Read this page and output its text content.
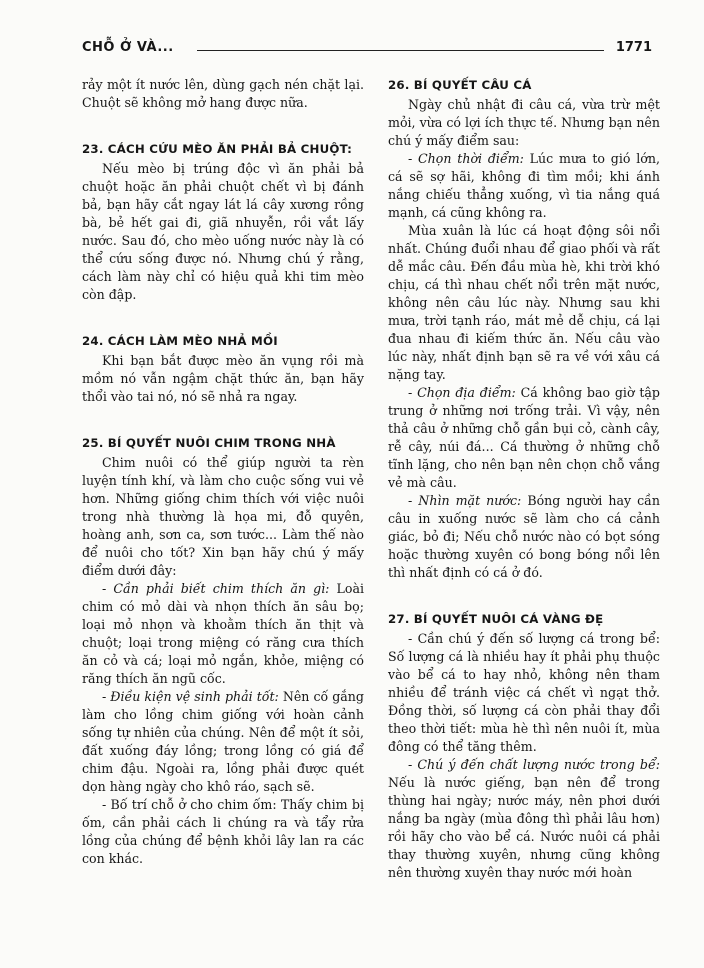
CHỖ Ở VÀ...	1771

rảy một ít nước lên, dùng gạch nén chặt lại. Chuột sẽ không mở hang được nữa.

23. CÁCH CỨU MÈO ĂN PHẢI BẢ CHUỘT:

Nếu mèo bị trúng độc vì ăn phải bả chuột hoặc ăn phải chuột chết vì bị đánh bả, bạn hãy cắt ngay lát lá cây xương rồng bà, bẻ hết gai đi, giã nhuyễn, rồi vắt lấy nước. Sau đó, cho mèo uống nước này là có thể cứu sống được nó. Nhưng chú ý rằng, cách làm này chỉ có hiệu quả khi tim mèo còn đập.

24. CÁCH LÀM MÈO NHẢ MỒI

Khi bạn bắt được mèo ăn vụng rồi mà mồm nó vẫn ngậm chặt thức ăn, bạn hãy thổi vào tai nó, nó sẽ nhả ra ngay.

25. BÍ QUYẾT NUÔI CHIM TRONG NHÀ

Chim nuôi có thể giúp người ta rèn luyện tính khí, và làm cho cuộc sống vui vẻ hơn. Những giống chim thích với việc nuôi trong nhà thường là họa mi, đỗ quyên, hoàng anh, sơn ca, sơn tước... Làm thế nào để nuôi cho tốt? Xin bạn hãy chú ý mấy điểm dưới đây:

- Cần phải biết chim thích ăn gì: Loài chim có mỏ dài và nhọn thích ăn sâu bọ; loại mỏ nhọn và khoằm thích ăn thịt và chuột; loại trong miệng có răng cưa thích ăn cỏ và cá; loại mỏ ngắn, khỏe, miệng có răng thích ăn ngũ cốc.

- Điều kiện vệ sinh phải tốt: Nên cố gắng làm cho lồng chim giống với hoàn cảnh sống tự nhiên của chúng. Nên để một ít sỏi, đất xuống đáy lồng; trong lồng có giá để chim đậu. Ngoài ra, lồng phải được quét dọn hàng ngày cho khô ráo, sạch sẽ.

- Bố trí chỗ ở cho chim ốm: Thấy chim bị ốm, cần phải cách li chúng ra và tẩy rửa lồng của chúng để bệnh khỏi lây lan ra các con khác.

26. BÍ QUYẾT CÂU CÁ

Ngày chủ nhật đi câu cá, vừa trừ mệt mỏi, vừa có lợi ích thực tế. Nhưng bạn nên chú ý mấy điểm sau:

- Chọn thời điểm: Lúc mưa to gió lớn, cá sẽ sợ hãi, không đi tìm mồi; khi ánh nắng chiếu thẳng xuống, vì tia nắng quá mạnh, cá cũng không ra.

Mùa xuân là lúc cá hoạt động sôi nổi nhất. Chúng đuổi nhau để giao phối và rất dễ mắc câu. Đến đầu mùa hè, khi trời khó chịu, cá thì nhau chết nổi trên mặt nước, không nên câu lúc này. Nhưng sau khi mưa, trời tạnh ráo, mát mẻ dễ chịu, cá lại đua nhau đi kiếm thức ăn. Nếu câu vào lúc này, nhất định bạn sẽ ra về với xâu cá nặng tay.

- Chọn địa điểm: Cá không bao giờ tập trung ở những nơi trống trải. Vì vậy, nên thả câu ở những chỗ gần bụi cỏ, cành cây, rễ cây, núi đá... Cá thường ở những chỗ tĩnh lặng, cho nên bạn nên chọn chỗ vắng vẻ mà câu.

- Nhìn mặt nước: Bóng người hay cần câu in xuống nước sẽ làm cho cá cảnh giác, bỏ đi; Nếu chỗ nước nào có bọt sóng hoặc thường xuyên có bong bóng nổi lên thì nhất định có cá ở đó.

27. BÍ QUYẾT NUÔI CÁ VÀNG ĐẸ

- Cần chú ý đến số lượng cá trong bể: Số lượng cá là nhiều hay ít phải phụ thuộc vào bể cá to hay nhỏ, không nên tham nhiều để tránh việc cá chết vì ngạt thở. Đồng thời, số lượng cá còn phải thay đổi theo thời tiết: mùa hè thì nên nuôi ít, mùa đông có thể tăng thêm.

- Chú ý đến chất lượng nước trong bể: Nếu là nước giếng, bạn nên để trong thùng hai ngày; nước máy, nên phơi dưới nắng ba ngày (mùa đông thì phải lâu hơn) rồi hãy cho vào bể cá. Nước nuôi cá phải thay thường xuyên, nhưng cũng không nên thường xuyên thay nước mới hoàn
